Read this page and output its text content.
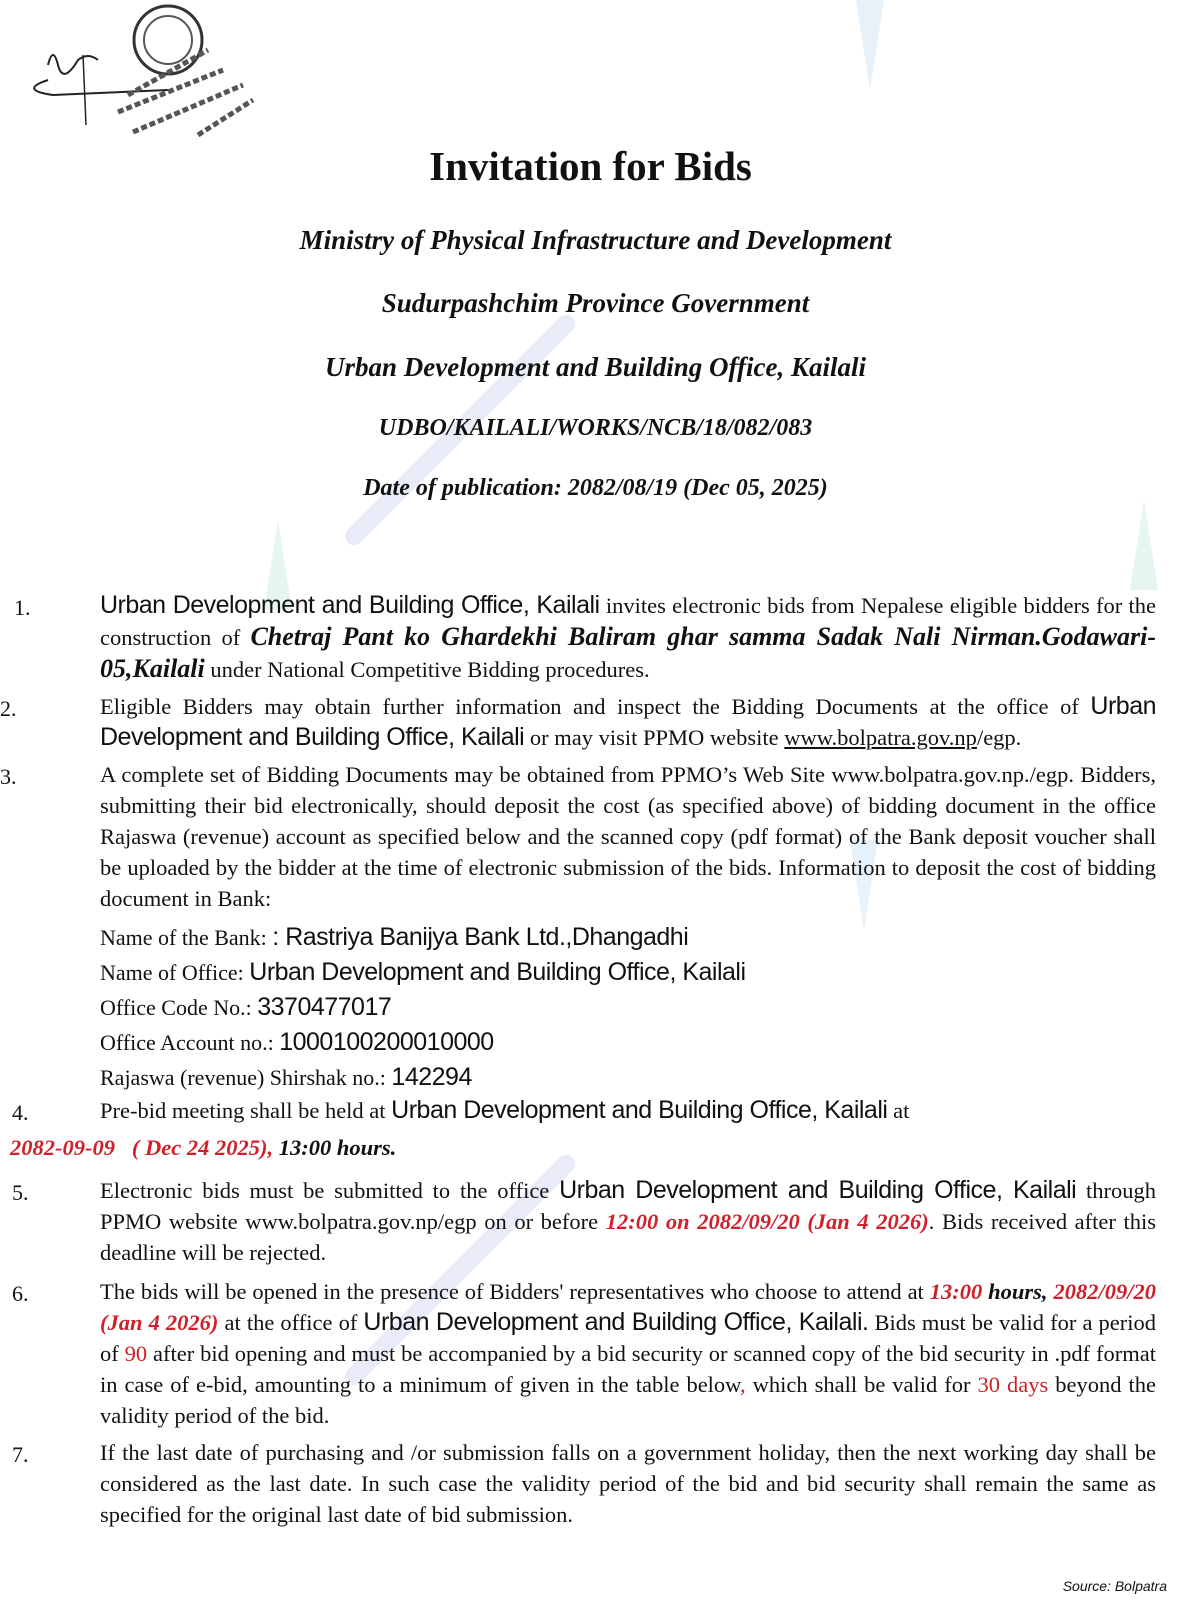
Invitation for Bids
Ministry of Physical Infrastructure and Development
Sudurpashchim Province Government
Urban Development and Building Office, Kailali
UDBO/KAILALI/WORKS/NCB/18/082/083
Date of publication: 2082/08/19 (Dec 05, 2025)
1.	Urban Development and Building Office, Kailali invites electronic bids from Nepalese eligible bidders for the construction of Chetraj Pant ko Ghardekhi Baliram ghar samma Sadak Nali Nirman.Godawari-05,Kailali under National Competitive Bidding procedures.
2.	Eligible Bidders may obtain further information and inspect the Bidding Documents at the office of Urban Development and Building Office, Kailali or may visit PPMO website www.bolpatra.gov.np/egp.
3.	A complete set of Bidding Documents may be obtained from PPMO’s Web Site www.bolpatra.gov.np./egp. Bidders, submitting their bid electronically, should deposit the cost (as specified above) of bidding document in the office Rajaswa (revenue) account as specified below and the scanned copy (pdf format) of the Bank deposit voucher shall be uploaded by the bidder at the time of electronic submission of the bids. Information to deposit the cost of bidding document in Bank:
Name of the Bank: : Rastriya Banijya Bank Ltd.,Dhangadhi
Name of Office: Urban Development and Building Office, Kailali
Office Code No.: 3370477017
Office Account no.: 1000100200010000
Rajaswa (revenue) Shirshak no.: 142294
4.	Pre-bid meeting shall be held at Urban Development and Building Office, Kailali at
2082-09-09   ( Dec 24 2025), 13:00 hours.
5.	Electronic bids must be submitted to the office Urban Development and Building Office, Kailali through PPMO website www.bolpatra.gov.np/egp on or before 12:00 on 2082/09/20 (Jan 4 2026). Bids received after this deadline will be rejected.
6.	The bids will be opened in the presence of Bidders' representatives who choose to attend at 13:00 hours, 2082/09/20 (Jan 4 2026) at the office of Urban Development and Building Office, Kailali. Bids must be valid for a period of 90 after bid opening and must be accompanied by a bid security or scanned copy of the bid security in .pdf format in case of e-bid, amounting to a minimum of given in the table below, which shall be valid for 30 days beyond the validity period of the bid.
7.	If the last date of purchasing and /or submission falls on a government holiday, then the next working day shall be considered as the last date. In such case the validity period of the bid and bid security shall remain the same as specified for the original last date of bid submission.
Source: Bolpatra
